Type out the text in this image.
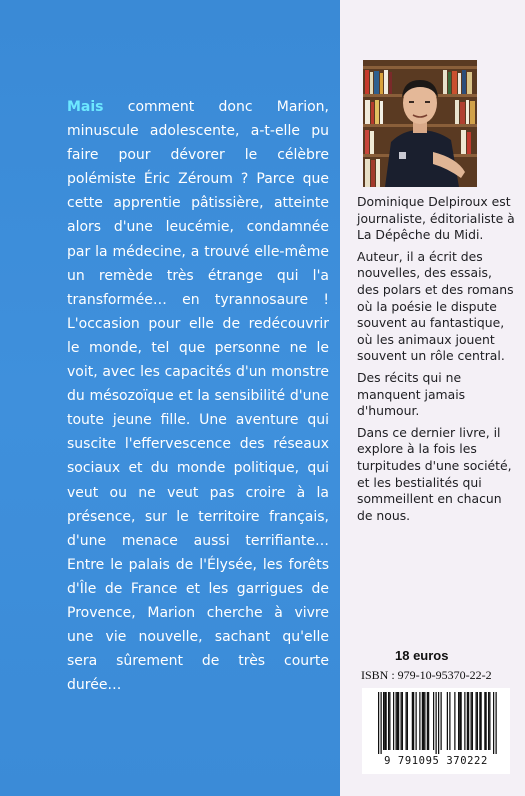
Mais comment donc Marion, minuscule adolescente, a-t-elle pu faire pour dévorer le célèbre polémiste Éric Zéroum ? Parce que cette apprentie pâtissière, atteinte alors d'une leucémie, condamnée par la médecine, a trouvé elle-même un remède très étrange qui l'a transformée… en tyrannosaure ! L'occasion pour elle de redécouvrir le monde, tel que personne ne le voit, avec les capacités d'un monstre du mésozoïque et la sensibilité d'une toute jeune fille. Une aventure qui suscite l'effervescence des réseaux sociaux et du monde politique, qui veut ou ne veut pas croire à la présence, sur le territoire français, d'une menace aussi terrifiante… Entre le palais de l'Élysée, les forêts d'Île de France et les garrigues de Provence, Marion cherche à vivre une vie nouvelle, sachant qu'elle sera sûrement de très courte durée…

Dominique Delpiroux est journaliste, éditorialiste à La Dépêche du Midi.

Auteur, il a écrit des nouvelles, des essais, des polars et des romans où la poésie le dispute souvent au fantastique, où les animaux jouent souvent un rôle central.

Des récits qui ne manquent jamais d'humour.

Dans ce dernier livre, il explore à la fois les turpitudes d'une société, et les bestialités qui sommeillent en chacun de nous.

18 euros
ISBN : 979-10-95370-22-2
9 791095 370222
